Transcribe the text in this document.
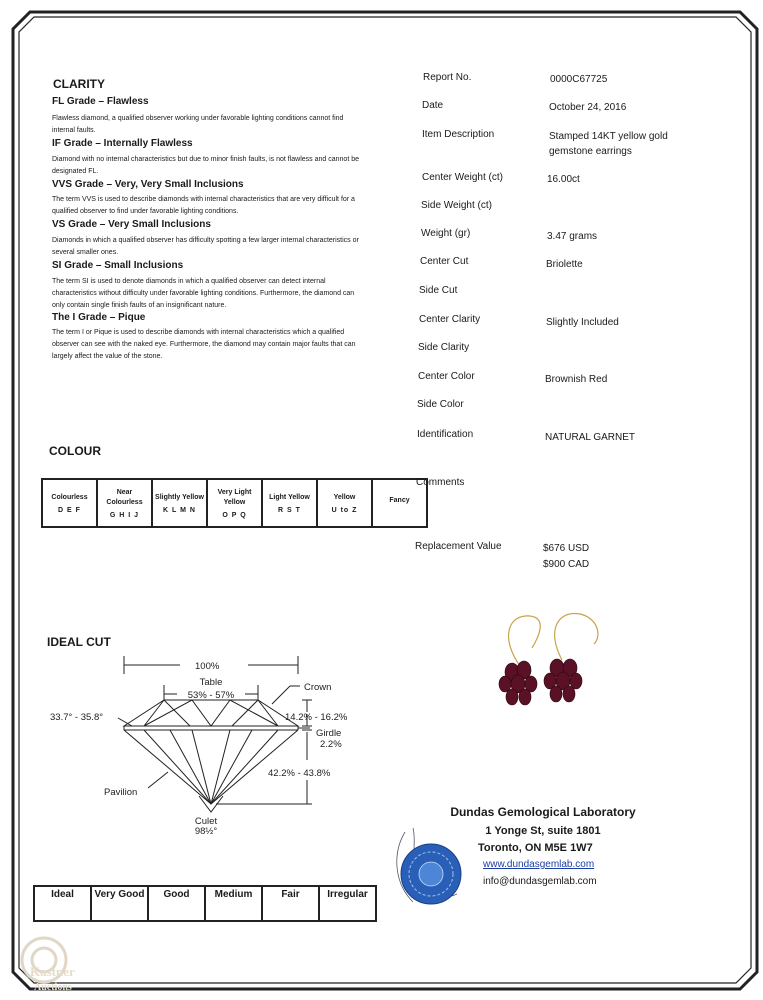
CLARITY
FL Grade – Flawless
Flawless diamond, a qualified observer working under favorable lighting conditions cannot find internal faults.
IF Grade – Internally Flawless
Diamond with no internal characteristics but due to minor finish faults, is not flawless and cannot be designated FL.
VVS Grade – Very, Very Small Inclusions
The term VVS is used to describe diamonds with internal characteristics that are very difficult for a qualified observer to find under favorable lighting conditions.
VS Grade – Very Small Inclusions
Diamonds in which a qualified observer has difficulty spotting a few larger internal characteristics or several smaller ones.
SI Grade – Small Inclusions
The term SI is used to denote diamonds in which a qualified observer can detect internal characteristics without difficulty under favorable lighting conditions. Furthermore, the diamond can only contain single finish faults of an insignificant nature.
The I Grade – Pique
The term I or Pique is used to describe diamonds with internal characteristics which a qualified observer can see with the naked eye. Furthermore, the diamond may contain major faults that can largely affect the value of the stone.
COLOUR
Colourless
D E F

Near Colourless
G H I J

Slightly Yellow
K L M N

Very Light Yellow
O P Q

Light Yellow
R S T

Yellow
U to Z

Fancy
IDEAL CUT
100%
Table
53% - 57%
Crown
33.7° - 35.8°	14.2% - 16.2%
Girdle
2.2%
42.2% - 43.8%
Pavilion
Culet
98½°
Ideal	Very Good	Good	Medium	Fair	Irregular
Report No.	0000C67725
Date	October 24, 2016
Item Description	Stamped 14KT yellow gold gemstone earrings
Center Weight (ct)	16.00ct
Side Weight (ct)
Weight (gr)	3.47 grams
Center Cut	Briolette
Side Cut
Center Clarity	Slightly Included
Side Clarity
Center Color	Brownish Red
Side Color
Identification	NATURAL GARNET
Comments
Replacement Value	$676 USD
$900 CAD
Dundas Gemological Laboratory
1 Yonge St, suite 1801
Toronto, ON M5E 1W7
www.dundasgemlab.com
info@dundasgemlab.com
Kastner
Auctions
